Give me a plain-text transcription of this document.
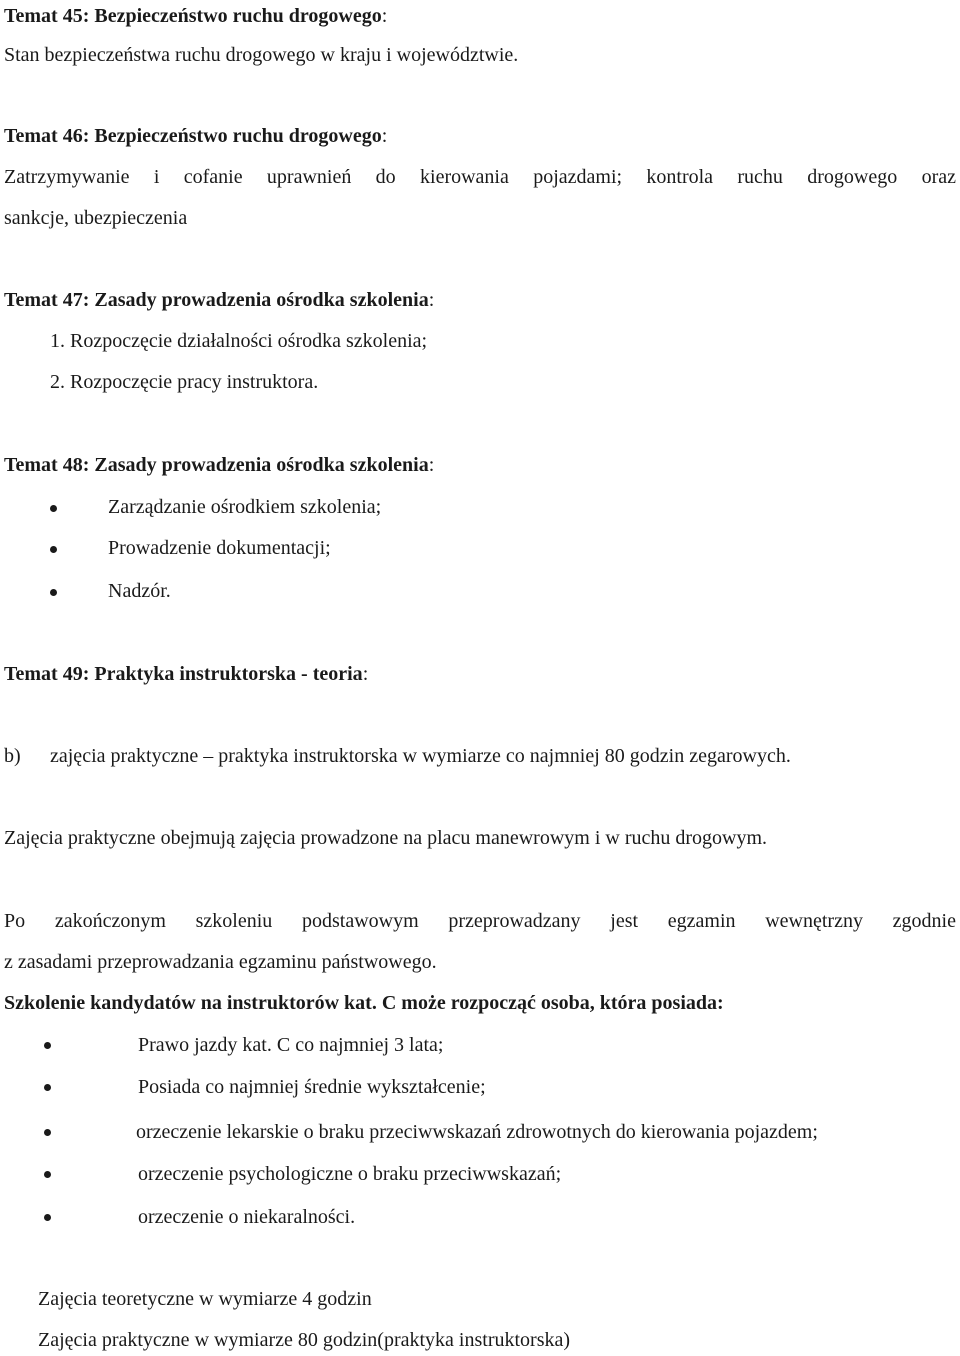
Temat 45: Bezpieczeństwo ruchu drogowego:
Stan bezpieczeństwa ruchu drogowego w kraju i województwie.
Temat 46: Bezpieczeństwo ruchu drogowego:
Zatrzymywanie i cofanie uprawnień do kierowania pojazdami; kontrola ruchu drogowego oraz
sankcje, ubezpieczenia
Temat 47: Zasady prowadzenia ośrodka szkolenia:
1. Rozpoczęcie działalności ośrodka szkolenia;
2. Rozpoczęcie pracy instruktora.
Temat 48: Zasady prowadzenia ośrodka szkolenia:
Zarządzanie ośrodkiem szkolenia;
Prowadzenie dokumentacji;
Nadzór.
Temat 49: Praktyka instruktorska - teoria:
b) zajęcia praktyczne – praktyka instruktorska w wymiarze co najmniej 80 godzin zegarowych.
Zajęcia praktyczne obejmują zajęcia prowadzone na placu manewrowym i w ruchu drogowym.
Po zakończonym szkoleniu podstawowym przeprowadzany jest egzamin wewnętrzny zgodnie
z zasadami przeprowadzania egzaminu państwowego.
Szkolenie kandydatów na instruktorów kat. C może rozpocząć osoba, która posiada:
Prawo jazdy kat. C co najmniej 3 lata;
Posiada co najmniej średnie wykształcenie;
orzeczenie lekarskie o braku przeciwwskazań zdrowotnych do kierowania pojazdem;
orzeczenie psychologiczne o braku przeciwwskazań;
orzeczenie o niekaralności.
Zajęcia teoretyczne w wymiarze 4 godzin
Zajęcia praktyczne w wymiarze 80 godzin(praktyka instruktorska)
